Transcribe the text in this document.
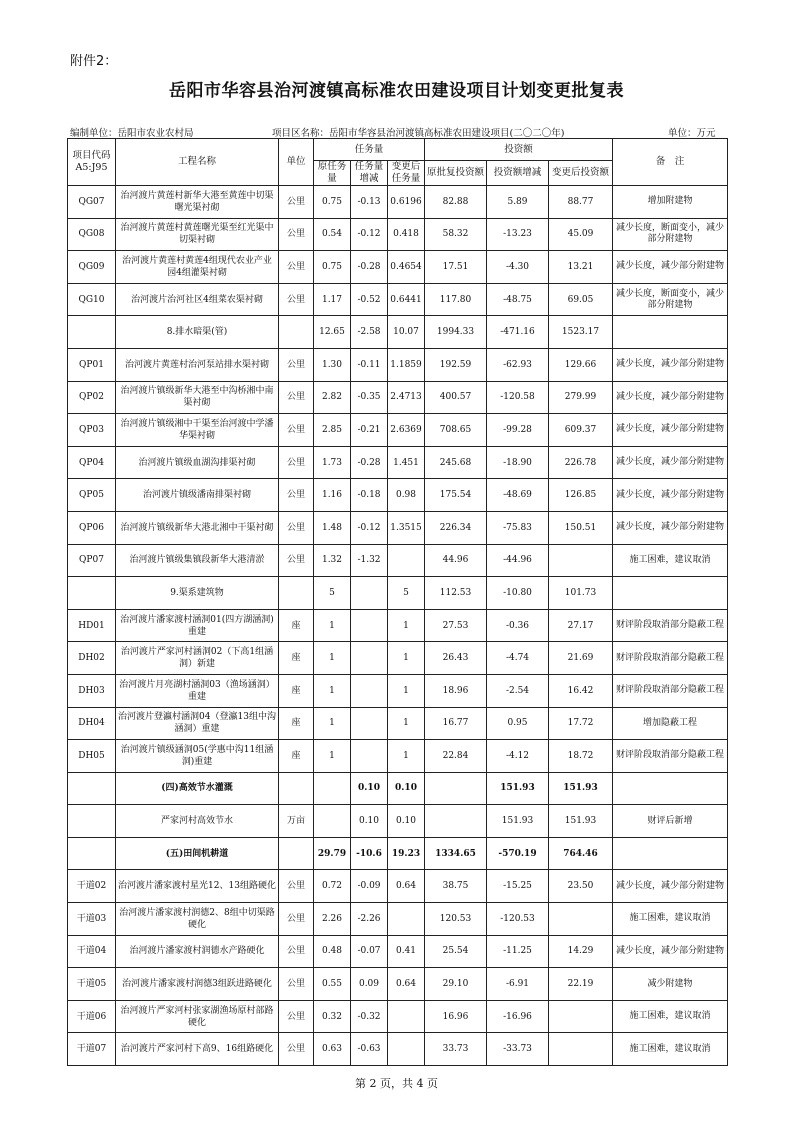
附件2：
岳阳市华容县治河渡镇高标准农田建设项目计划变更批复表
编制单位：岳阳市农业农村局	项目区名称：岳阳市华容县治河渡镇高标准农田建设项目(二〇二〇年)	单位：万元
项目代码A5:J95	工程名称	单位	任务量			投资额			备　注
			原任务量	任务量增减	变更后任务量	原批复投资额	投资额增减	变更后投资额	
QG07	治河渡片黄莲村新华大港至黄莲中切渠曙光渠衬砌	公里	0.75	-0.13	0.6196	82.88	5.89	88.77	增加附建物
QG08	治河渡片黄莲村黄莲曙光渠至红光渠中切渠衬砌	公里	0.54	-0.12	0.418	58.32	-13.23	45.09	减少长度，断面变小，减少部分附建物
QG09	治河渡片黄莲村黄莲4组现代农业产业园4组灌渠衬砌	公里	0.75	-0.28	0.4654	17.51	-4.30	13.21	减少长度，减少部分附建物
QG10	治河渡片治河社区4组菜农渠衬砌	公里	1.17	-0.52	0.6441	117.80	-48.75	69.05	减少长度，断面变小，减少部分附建物
	8.排水暗渠(管)		12.65	-2.58	10.07	1994.33	-471.16	1523.17	
QP01	治河渡片黄莲村治河泵站排水渠衬砌	公里	1.30	-0.11	1.1859	192.59	-62.93	129.66	减少长度，减少部分附建物
QP02	治河渡片镇级新华大港至中沟桥湘中南渠衬砌	公里	2.82	-0.35	2.4713	400.57	-120.58	279.99	减少长度，减少部分附建物
QP03	治河渡片镇级湘中干渠至治河渡中学潘华渠衬砌	公里	2.85	-0.21	2.6369	708.65	-99.28	609.37	减少长度，减少部分附建物
QP04	治河渡片镇级血湖沟排渠衬砌	公里	1.73	-0.28	1.451	245.68	-18.90	226.78	减少长度，减少部分附建物
QP05	治河渡片镇级潘南排渠衬砌	公里	1.16	-0.18	0.98	175.54	-48.69	126.85	减少长度，减少部分附建物
QP06	治河渡片镇级新华大港北湘中干渠衬砌	公里	1.48	-0.12	1.3515	226.34	-75.83	150.51	减少长度，减少部分附建物
QP07	治河渡片镇级集镇段新华大港清淤	公里	1.32	-1.32		44.96	-44.96		施工困难，建议取消
	9.渠系建筑物		5		5	112.53	-10.80	101.73	
HD01	治河渡片潘家渡村涵洞01(四方湖涵洞)重建	座	1		1	27.53	-0.36	27.17	财评阶段取消部分隐蔽工程
DH02	治河渡片严家河村涵洞02（下高1组涵洞）新建	座	1		1	26.43	-4.74	21.69	财评阶段取消部分隐蔽工程
DH03	治河渡片月亮湖村涵洞03（渔场涵洞）重建	座	1		1	18.96	-2.54	16.42	财评阶段取消部分隐蔽工程
DH04	治河渡片登瀛村涵洞04（登瀛13组中沟涵洞）重建	座	1		1	16.77	0.95	17.72	增加隐蔽工程
DH05	治河渡片镇级涵洞05(学惠中沟11组涵洞)重建	座	1		1	22.84	-4.12	18.72	财评阶段取消部分隐蔽工程
	(四)高效节水灌溉			0.10	0.10		151.93	151.93	
	严家河村高效节水	万亩		0.10	0.10		151.93	151.93	财评后新增
	(五)田间机耕道		29.79	-10.6	19.23	1334.65	-570.19	764.46	
干道02	治河渡片潘家渡村星光12、13组路硬化	公里	0.72	-0.09	0.64	38.75	-15.25	23.50	减少长度，减少部分附建物
干道03	治河渡片潘家渡村润德2、8组中切渠路硬化	公里	2.26	-2.26		120.53	-120.53		施工困难，建议取消
干道04	治河渡片潘家渡村润德水产路硬化	公里	0.48	-0.07	0.41	25.54	-11.25	14.29	减少长度，减少部分附建物
干道05	治河渡片潘家渡村润德3组跃进路硬化	公里	0.55	0.09	0.64	29.10	-6.91	22.19	减少附建物
干道06	治河渡片严家河村张家湖渔场原村部路硬化	公里	0.32	-0.32		16.96	-16.96		施工困难，建议取消
干道07	治河渡片严家河村下高9、16组路硬化	公里	0.63	-0.63		33.73	-33.73		施工困难，建议取消
第 2 页，共 4 页
